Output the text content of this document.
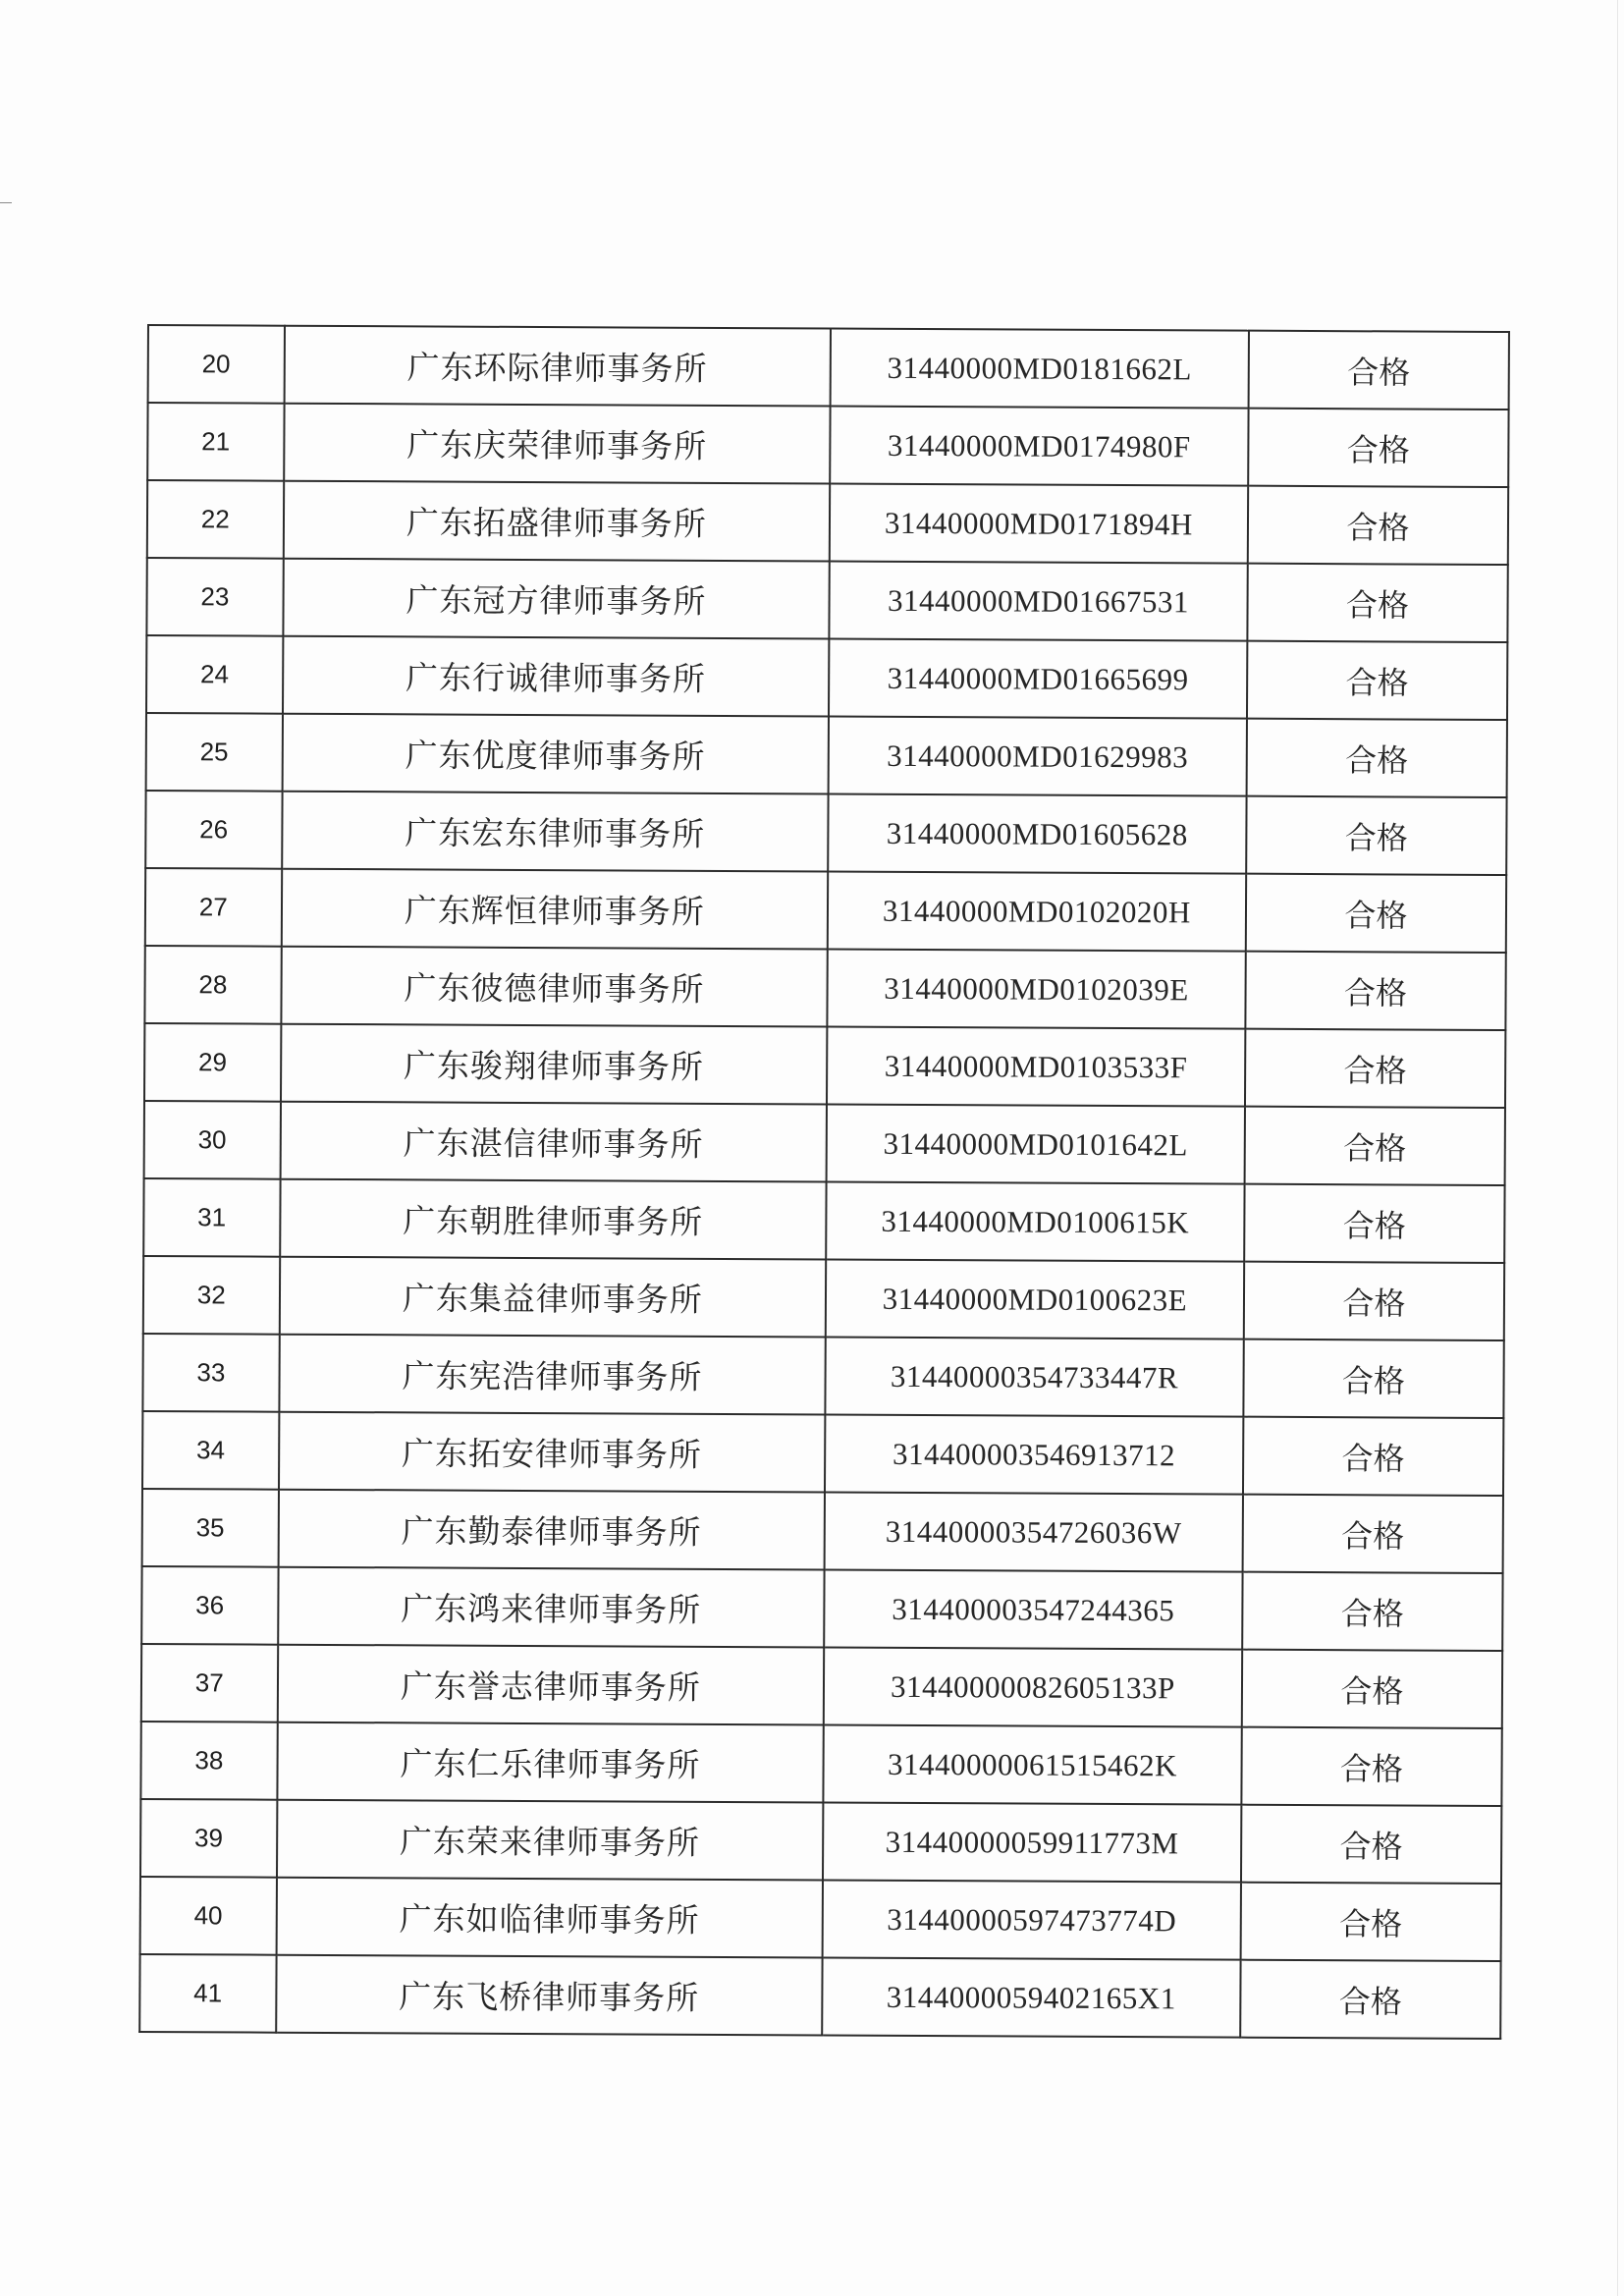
20	广东环际律师事务所	31440000MD0181662L	合格
21	广东庆荣律师事务所	31440000MD0174980F	合格
22	广东拓盛律师事务所	31440000MD0171894H	合格
23	广东冠方律师事务所	31440000MD01667531	合格
24	广东行诚律师事务所	31440000MD01665699	合格
25	广东优度律师事务所	31440000MD01629983	合格
26	广东宏东律师事务所	31440000MD01605628	合格
27	广东辉恒律师事务所	31440000MD0102020H	合格
28	广东彼德律师事务所	31440000MD0102039E	合格
29	广东骏翔律师事务所	31440000MD0103533F	合格
30	广东湛信律师事务所	31440000MD0101642L	合格
31	广东朝胜律师事务所	31440000MD0100615K	合格
32	广东集益律师事务所	31440000MD0100623E	合格
33	广东宪浩律师事务所	31440000354733447R	合格
34	广东拓安律师事务所	314400003546913712	合格
35	广东勤泰律师事务所	31440000354726036W	合格
36	广东鸿来律师事务所	314400003547244365	合格
37	广东誉志律师事务所	31440000082605133P	合格
38	广东仁乐律师事务所	31440000061515462K	合格
39	广东荣来律师事务所	31440000059911773M	合格
40	广东如临律师事务所	31440000597473774D	合格
41	广东飞桥律师事务所	3144000059402165X1	合格
